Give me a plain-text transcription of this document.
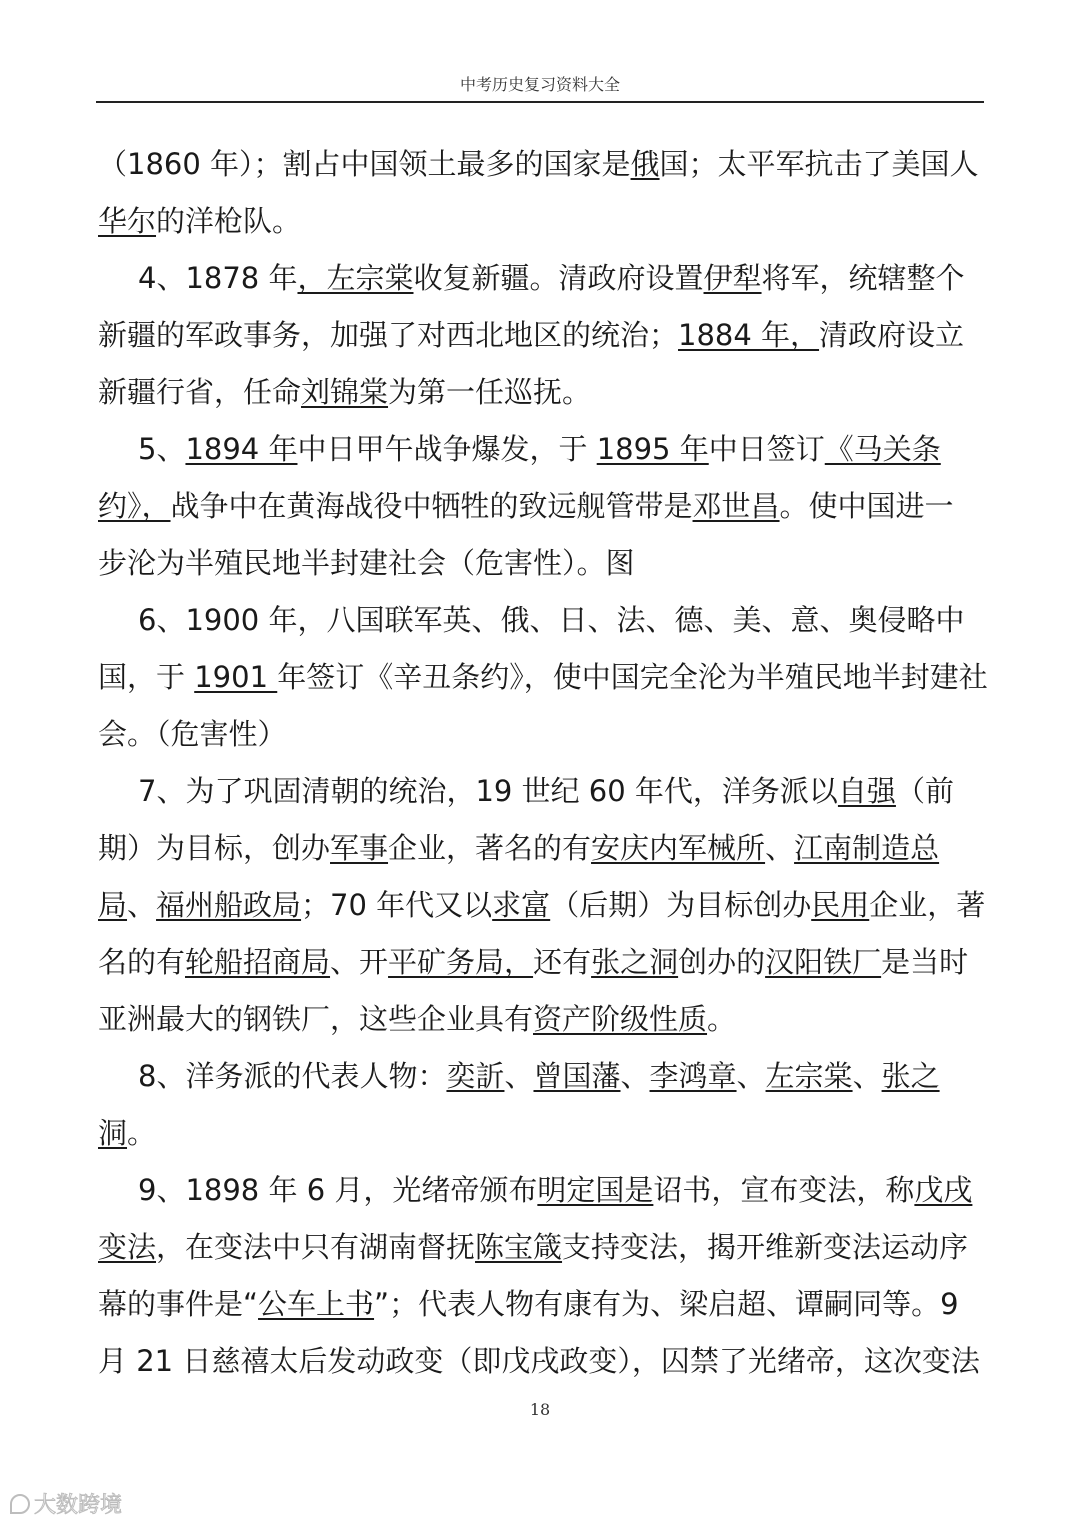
中考历史复习资料大全
（1860 年）；割占中国领土最多的国家是俄国；太平军抗击了美国人
华尔的洋枪队。
4、1878 年，左宗棠收复新疆。清政府设置伊犁将军，统辖整个
新疆的军政事务，加强了对西北地区的统治；1884 年，清政府设立
新疆行省，任命刘锦棠为第一任巡抚。
5、1894 年中日甲午战争爆发，于 1895 年中日签订《马关条
约》，战争中在黄海战役中牺牲的致远舰管带是邓世昌。使中国进一
步沦为半殖民地半封建社会（危害性）。图
6、1900 年，八国联军英、俄、日、法、德、美、意、奥侵略中
国，于 1901 年签订《辛丑条约》，使中国完全沦为半殖民地半封建社
会。（危害性）
7、为了巩固清朝的统治，19 世纪 60 年代，洋务派以自强（前
期）为目标，创办军事企业，著名的有安庆内军械所、江南制造总
局、福州船政局；70 年代又以求富（后期）为目标创办民用企业，著
名的有轮船招商局、开平矿务局，还有张之洞创办的汉阳铁厂是当时
亚洲最大的钢铁厂，这些企业具有资产阶级性质。
8、洋务派的代表人物：奕訢、曾国藩、李鸿章、左宗棠、张之
洞。
9、1898 年 6 月，光绪帝颁布明定国是诏书，宣布变法，称戊戌
变法，在变法中只有湖南督抚陈宝箴支持变法，揭开维新变法运动序
幕的事件是“公车上书”；代表人物有康有为、梁启超、谭嗣同等。9
月 21 日慈禧太后发动政变（即戊戌政变），囚禁了光绪帝，这次变法
18
大数跨境
